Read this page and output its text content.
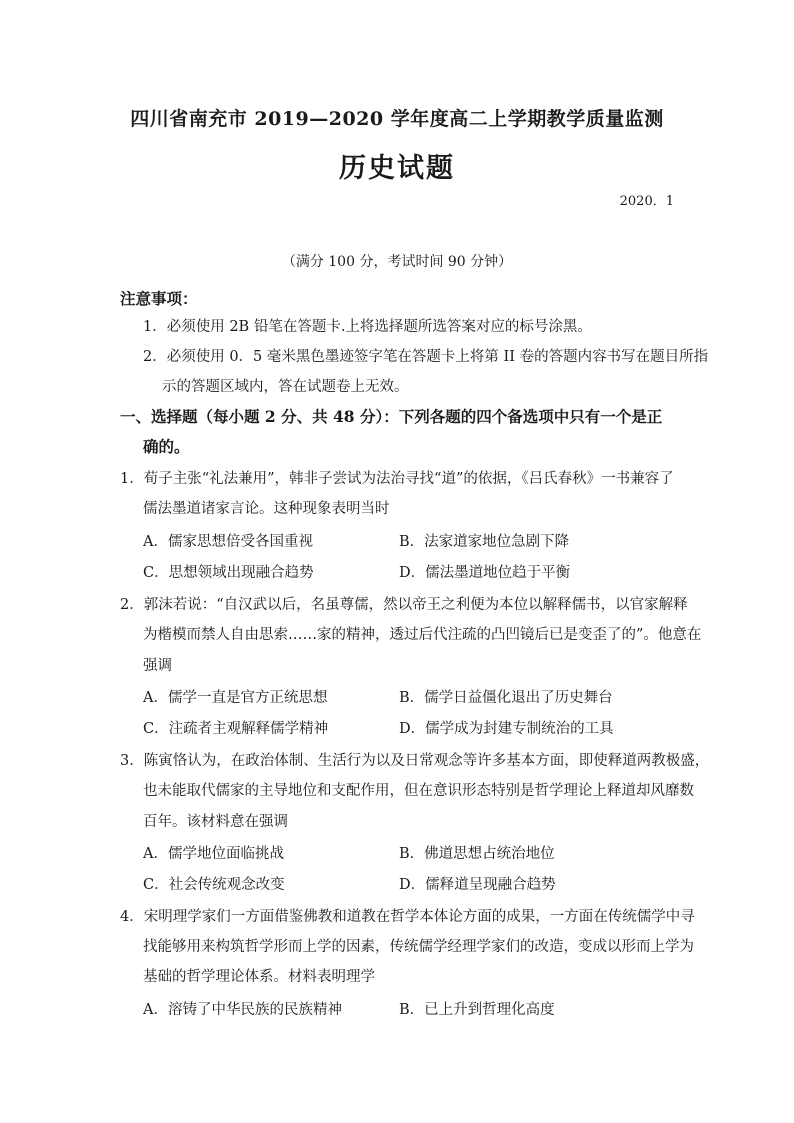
四川省南充市 2019—2020 学年度高二上学期教学质量监测
历史试题
2020．1
（满分 100 分，考试时间 90 分钟）
注意事项：
1．必须使用 2B 铅笔在答题卡.上将选择题所选答案对应的标号涂黑。
2．必须使用 0．5 毫米黑色墨迹签字笔在答题卡上将第 II 卷的答题内容书写在题目所指
示的答题区域内，答在试题卷上无效。
一、选择题（每小题 2 分、共 48 分）：下列各题的四个备选项中只有一个是正
确的。
1．荀子主张“礼法兼用”，韩非子尝试为法治寻找“道”的依据，《吕氏春秋》一书兼容了
儒法墨道诸家言论。这种现象表明当时
A．儒家思想倍受各国重视	B．法家道家地位急剧下降
C．思想领域出现融合趋势	D．儒法墨道地位趋于平衡
2．郭沫若说：“自汉武以后，名虽尊儒，然以帝王之利便为本位以解释儒书，以官家解释
为楷模而禁人自由思索……家的精神，透过后代注疏的凸凹镜后已是变歪了的”。他意在
强调
A．儒学一直是官方正统思想	B．儒学日益僵化退出了历史舞台
C．注疏者主观解释儒学精神	D．儒学成为封建专制统治的工具
3．陈寅恪认为，在政治体制、生活行为以及日常观念等许多基本方面，即使释道两教极盛，
也未能取代儒家的主导地位和支配作用，但在意识形态特别是哲学理论上释道却风靡数
百年。该材料意在强调
A．儒学地位面临挑战	B．佛道思想占统治地位
C．社会传统观念改变	D．儒释道呈现融合趋势
4．宋明理学家们一方面借鉴佛教和道教在哲学本体论方面的成果，一方面在传统儒学中寻
找能够用来构筑哲学形而上学的因素，传统儒学经理学家们的改造，变成以形而上学为
基础的哲学理论体系。材料表明理学
A．溶铸了中华民族的民族精神	B．已上升到哲理化高度
